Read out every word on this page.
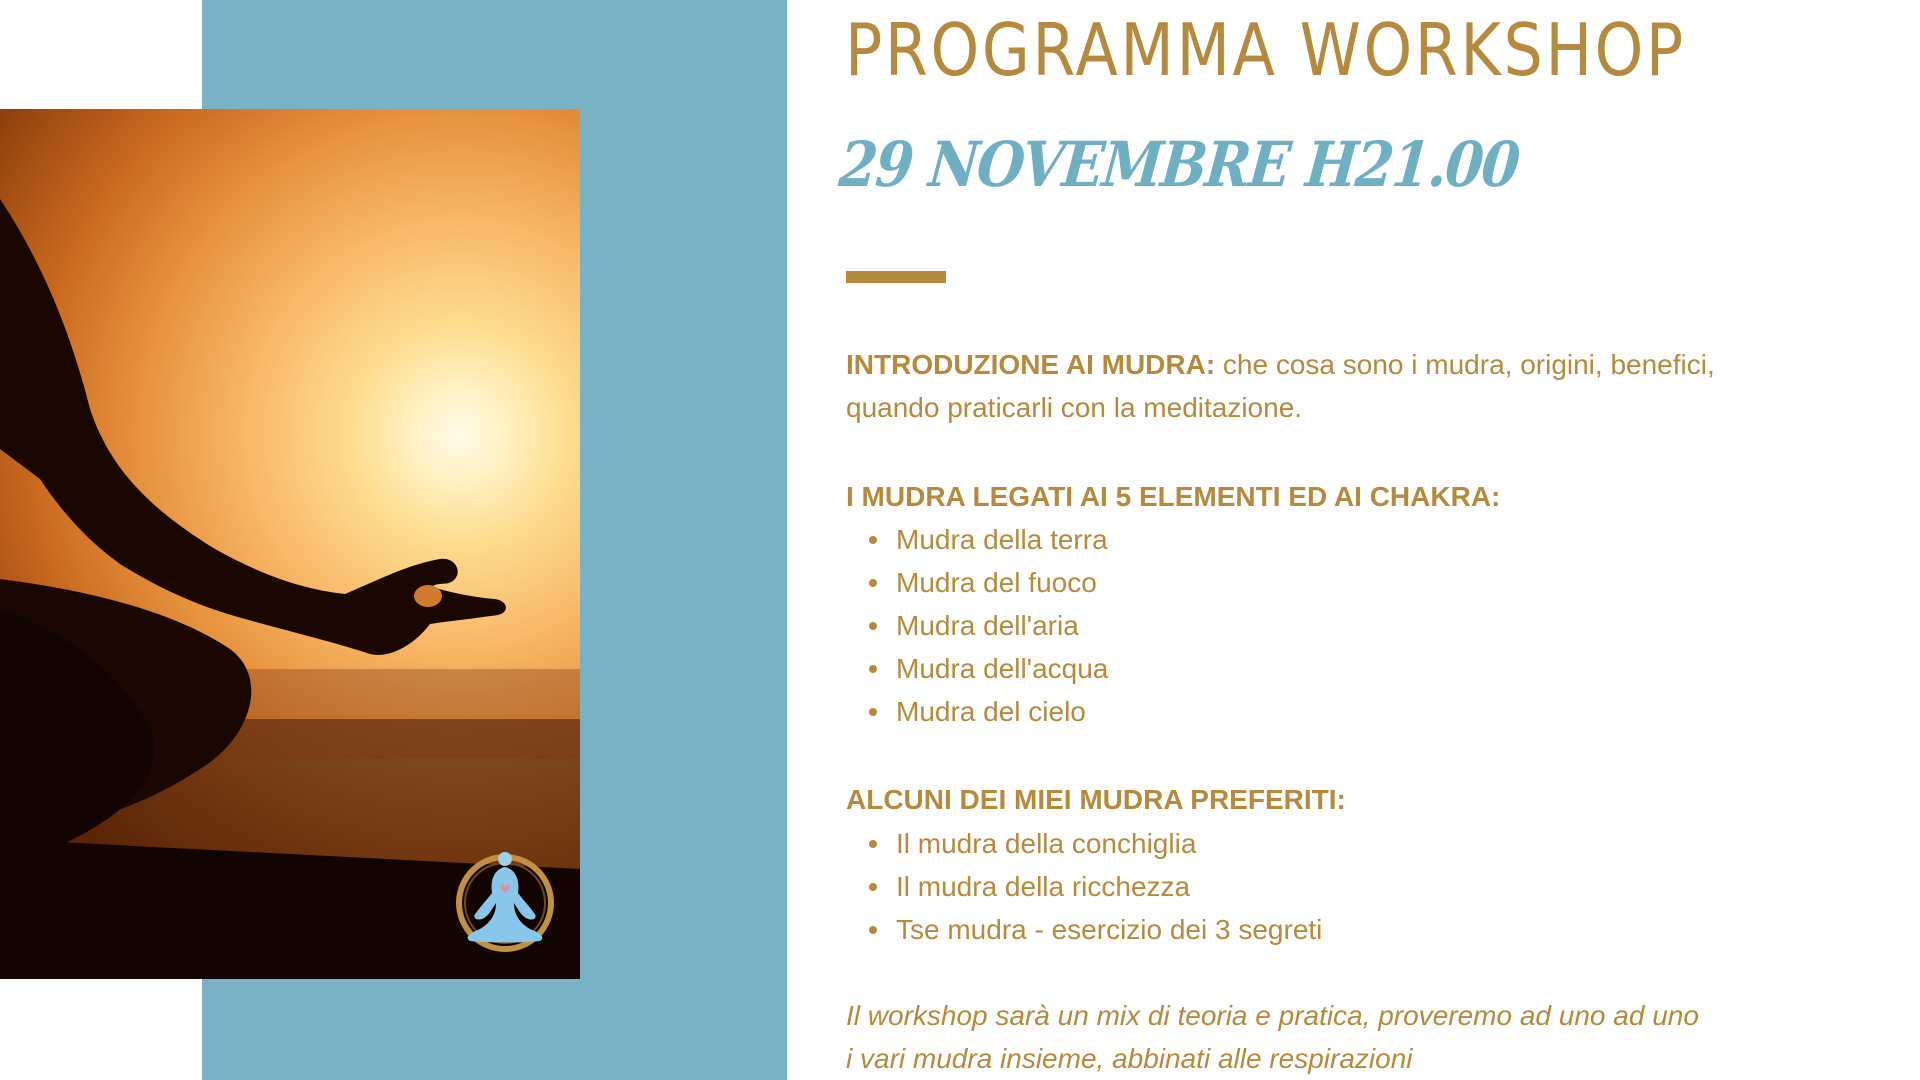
PROGRAMMA WORKSHOP
29 NOVEMBRE H21.00
INTRODUZIONE AI MUDRA: che cosa sono i mudra, origini, benefici,
quando praticarli con la meditazione.
I MUDRA LEGATI AI 5 ELEMENTI ED AI CHAKRA:
Mudra della terra
Mudra del fuoco
Mudra dell'aria
Mudra dell'acqua
Mudra del cielo
ALCUNI DEI MIEI MUDRA PREFERITI:
Il mudra della conchiglia
Il mudra della ricchezza
Tse mudra - esercizio dei 3 segreti
Il workshop sarà un mix di teoria e pratica, proveremo ad uno ad uno
i vari mudra insieme, abbinati alle respirazioni
